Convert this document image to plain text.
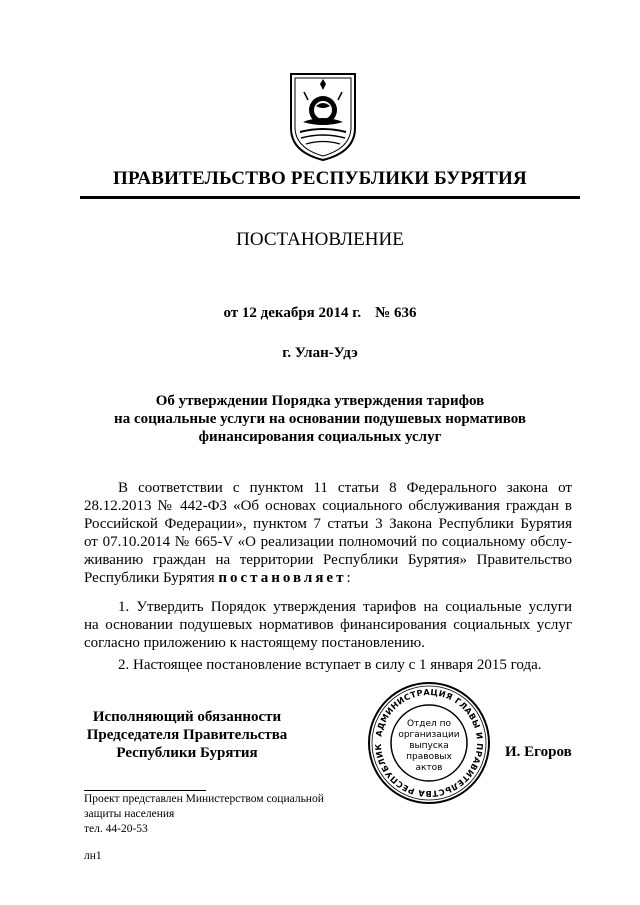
ПРАВИТЕЛЬСТВО РЕСПУБЛИКИ БУРЯТИЯ
ПОСТАНОВЛЕНИЕ
от 12 декабря 2014 г. № 636
г. Улан-Удэ
Об утверждении Порядка утверждения тарифов
на социальные услуги на основании подушевых нормативов
финансирования социальных услуг
В соответствии с пунктом 11 статьи 8 Федерального закона от
28.12.2013 № 442-ФЗ «Об основах социального обслуживания граждан в
Российской Федерации», пунктом 7 статьи 3 Закона Республики Бурятия
от 07.10.2014 № 665-V «О реализации полномочий по социальному обслу-
живанию граждан на территории Республики Бурятия» Правительство
Республики Бурятия постановляет:
1. Утвердить Порядок утверждения тарифов на социальные услуги
на основании подушевых нормативов финансирования социальных услуг
согласно приложению к настоящему постановлению.
2. Настоящее постановление вступает в силу с 1 января 2015 года.
Исполняющий обязанности
Председателя Правительства
Республики Бурятия
АДМИНИСТРАЦИЯ ГЛАВЫ И ПРАВИТЕЛЬСТВА РЕСПУБЛИК
Отдел по
организации
выпуска
правовых
актов
И. Егоров
Проект представлен Министерством социальной
защиты населения
тел. 44-20-53
лн1
